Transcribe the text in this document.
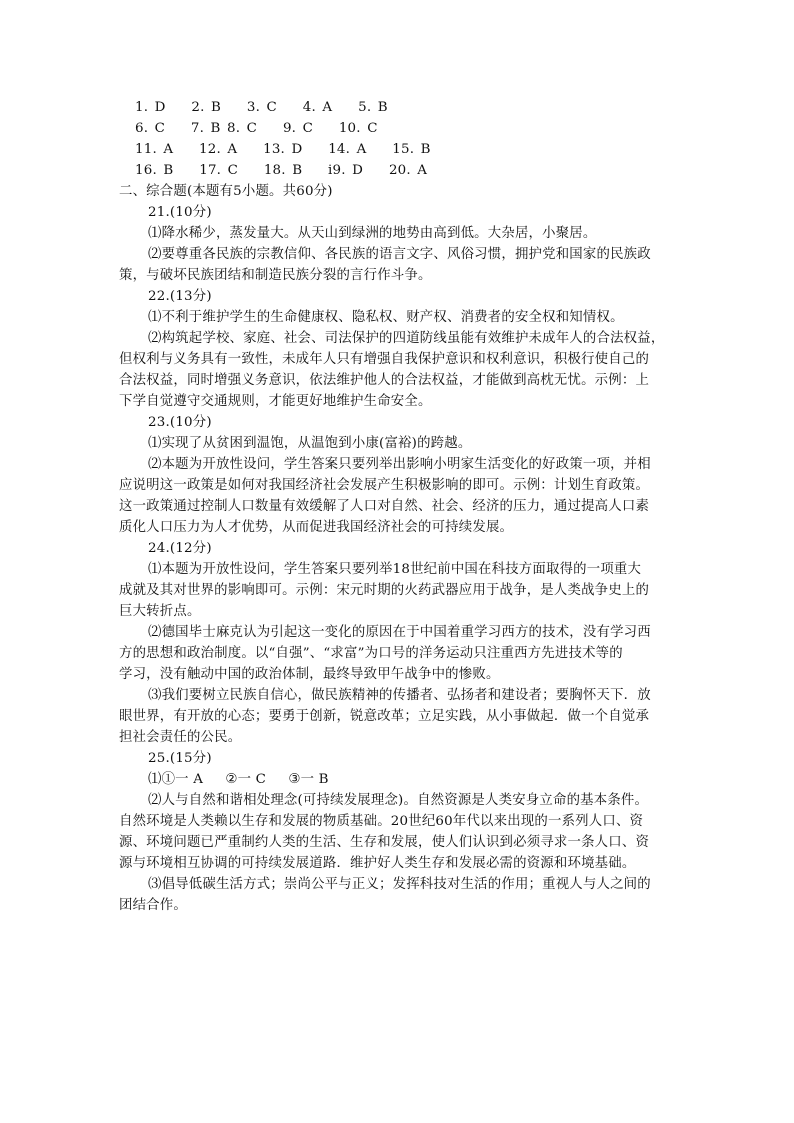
1. D    2. B    3. C    4. A    5. B
6. C    7. B 8. C    9. C    10. C
11. A    12. A    13. D    14. A    15. B
16. B    17. C    18. B    i9. D    20. A
二、综合题(本题有5小题。共60分)
21.(10分)
⑴降水稀少，蒸发量大。从天山到绿洲的地势由高到低。大杂居，小聚居。
⑵要尊重各民族的宗教信仰、各民族的语言文字、风俗习惯，拥护党和国家的民族政
策，与破坏民族团结和制造民族分裂的言行作斗争。
22.(13分)
⑴不利于维护学生的生命健康权、隐私权、财产权、消费者的安全权和知情权。
⑵构筑起学校、家庭、社会、司法保护的四道防线虽能有效维护未成年人的合法权益，
但权利与义务具有一致性，未成年人只有增强自我保护意识和权利意识，积极行使自己的
合法权益，同时增强义务意识，依法维护他人的合法权益，才能做到高枕无忧。示例：上
下学自觉遵守交通规则，才能更好地维护生命安全。
23.(10分)
⑴实现了从贫困到温饱，从温饱到小康(富裕)的跨越。
⑵本题为开放性设问，学生答案只要列举出影响小明家生活变化的好政策一项，并相
应说明这一政策是如何对我国经济社会发展产生积极影响的即可。示例：计划生育政策。
这一政策通过控制人口数量有效缓解了人口对自然、社会、经济的压力，通过提高人口素
质化人口压力为人才优势，从而促进我国经济社会的可持续发展。
24.(12分)
⑴本题为开放性设问，学生答案只要列举18世纪前中国在科技方面取得的一项重大
成就及其对世界的影响即可。示例：宋元时期的火药武器应用于战争，是人类战争史上的
巨大转折点。
⑵德国毕士麻克认为引起这一变化的原因在于中国着重学习西方的技术，没有学习西
方的思想和政治制度。以“自强”、“求富”为口号的洋务运动只注重西方先进技术等的
学习，没有触动中国的政治体制，最终导致甲午战争中的惨败。
⑶我们要树立民族自信心，做民族精神的传播者、弘扬者和建设者；要胸怀天下．放
眼世界，有开放的心态；要勇于创新，锐意改革；立足实践，从小事做起．做一个自觉承
担社会责任的公民。
25.(15分)
⑴①一 A     ②一 C     ③一 B
⑵人与自然和谐相处理念(可持续发展理念)。自然资源是人类安身立命的基本条件。
自然环境是人类赖以生存和发展的物质基础。20世纪60年代以来出现的一系列人口、资
源、环境问题已严重制约人类的生活、生存和发展，使人们认识到必须寻求一条人口、资
源与环境相互协调的可持续发展道路．维护好人类生存和发展必需的资源和环境基础。
⑶倡导低碳生活方式；崇尚公平与正义；发挥科技对生活的作用；重视人与人之间的
团结合作。
